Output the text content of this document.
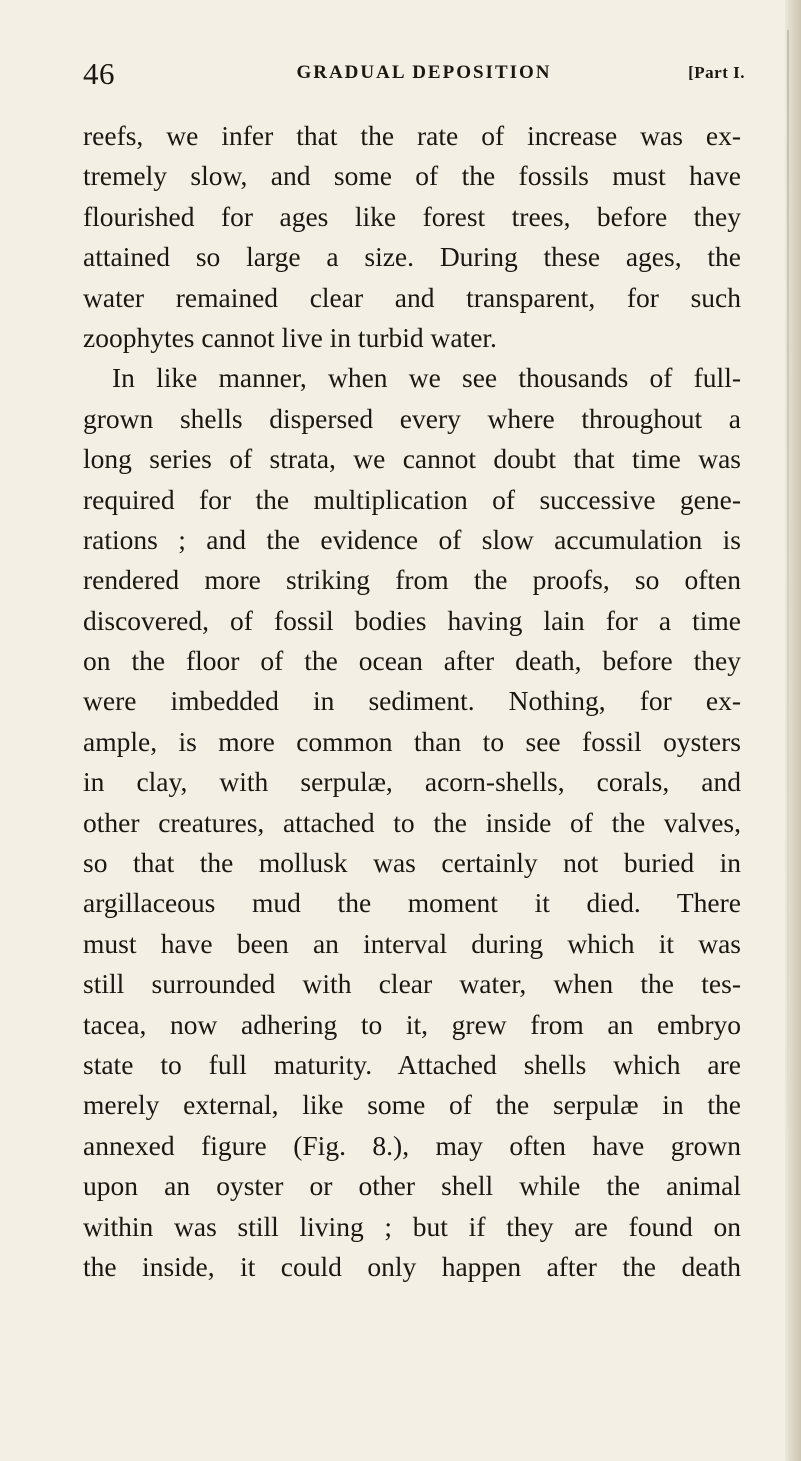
46	GRADUAL DEPOSITION	[Part I.
reefs, we infer that the rate of increase was ex-
tremely slow, and some of the fossils must have
flourished for ages like forest trees, before they
attained so large a size. During these ages, the
water remained clear and transparent, for such
zoophytes cannot live in turbid water.
In like manner, when we see thousands of full-
grown shells dispersed every where throughout a
long series of strata, we cannot doubt that time was
required for the multiplication of successive gene-
rations ; and the evidence of slow accumulation is
rendered more striking from the proofs, so often
discovered, of fossil bodies having lain for a time
on the floor of the ocean after death, before they
were imbedded in sediment. Nothing, for ex-
ample, is more common than to see fossil oysters
in clay, with serpulæ, acorn-shells, corals, and
other creatures, attached to the inside of the valves,
so that the mollusk was certainly not buried in
argillaceous mud the moment it died. There
must have been an interval during which it was
still surrounded with clear water, when the tes-
tacea, now adhering to it, grew from an embryo
state to full maturity. Attached shells which are
merely external, like some of the serpulæ in the
annexed figure (Fig. 8.), may often have grown
upon an oyster or other shell while the animal
within was still living ; but if they are found on
the inside, it could only happen after the death
